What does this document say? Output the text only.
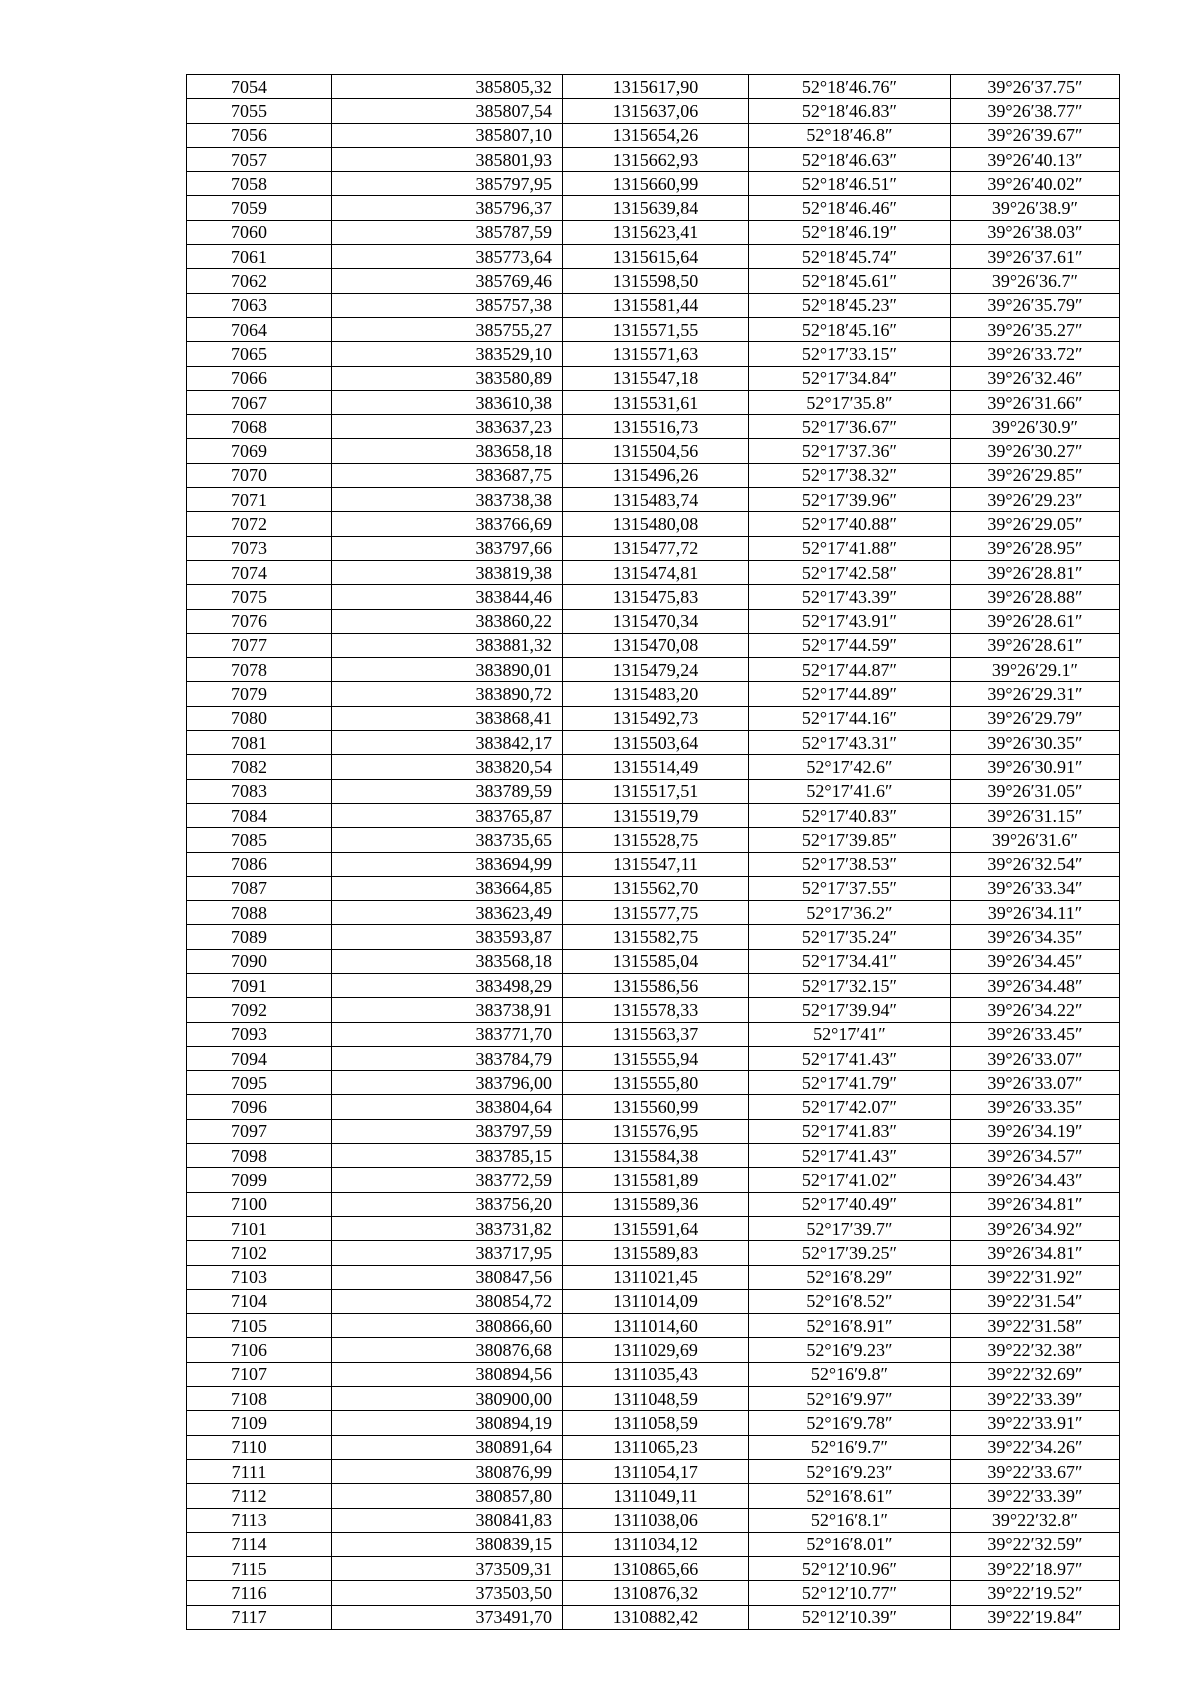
7054	385805,32	1315617,90	52°18′46.76″	39°26′37.75″
7055	385807,54	1315637,06	52°18′46.83″	39°26′38.77″
7056	385807,10	1315654,26	52°18′46.8″	39°26′39.67″
7057	385801,93	1315662,93	52°18′46.63″	39°26′40.13″
7058	385797,95	1315660,99	52°18′46.51″	39°26′40.02″
7059	385796,37	1315639,84	52°18′46.46″	39°26′38.9″
7060	385787,59	1315623,41	52°18′46.19″	39°26′38.03″
7061	385773,64	1315615,64	52°18′45.74″	39°26′37.61″
7062	385769,46	1315598,50	52°18′45.61″	39°26′36.7″
7063	385757,38	1315581,44	52°18′45.23″	39°26′35.79″
7064	385755,27	1315571,55	52°18′45.16″	39°26′35.27″
7065	383529,10	1315571,63	52°17′33.15″	39°26′33.72″
7066	383580,89	1315547,18	52°17′34.84″	39°26′32.46″
7067	383610,38	1315531,61	52°17′35.8″	39°26′31.66″
7068	383637,23	1315516,73	52°17′36.67″	39°26′30.9″
7069	383658,18	1315504,56	52°17′37.36″	39°26′30.27″
7070	383687,75	1315496,26	52°17′38.32″	39°26′29.85″
7071	383738,38	1315483,74	52°17′39.96″	39°26′29.23″
7072	383766,69	1315480,08	52°17′40.88″	39°26′29.05″
7073	383797,66	1315477,72	52°17′41.88″	39°26′28.95″
7074	383819,38	1315474,81	52°17′42.58″	39°26′28.81″
7075	383844,46	1315475,83	52°17′43.39″	39°26′28.88″
7076	383860,22	1315470,34	52°17′43.91″	39°26′28.61″
7077	383881,32	1315470,08	52°17′44.59″	39°26′28.61″
7078	383890,01	1315479,24	52°17′44.87″	39°26′29.1″
7079	383890,72	1315483,20	52°17′44.89″	39°26′29.31″
7080	383868,41	1315492,73	52°17′44.16″	39°26′29.79″
7081	383842,17	1315503,64	52°17′43.31″	39°26′30.35″
7082	383820,54	1315514,49	52°17′42.6″	39°26′30.91″
7083	383789,59	1315517,51	52°17′41.6″	39°26′31.05″
7084	383765,87	1315519,79	52°17′40.83″	39°26′31.15″
7085	383735,65	1315528,75	52°17′39.85″	39°26′31.6″
7086	383694,99	1315547,11	52°17′38.53″	39°26′32.54″
7087	383664,85	1315562,70	52°17′37.55″	39°26′33.34″
7088	383623,49	1315577,75	52°17′36.2″	39°26′34.11″
7089	383593,87	1315582,75	52°17′35.24″	39°26′34.35″
7090	383568,18	1315585,04	52°17′34.41″	39°26′34.45″
7091	383498,29	1315586,56	52°17′32.15″	39°26′34.48″
7092	383738,91	1315578,33	52°17′39.94″	39°26′34.22″
7093	383771,70	1315563,37	52°17′41″	39°26′33.45″
7094	383784,79	1315555,94	52°17′41.43″	39°26′33.07″
7095	383796,00	1315555,80	52°17′41.79″	39°26′33.07″
7096	383804,64	1315560,99	52°17′42.07″	39°26′33.35″
7097	383797,59	1315576,95	52°17′41.83″	39°26′34.19″
7098	383785,15	1315584,38	52°17′41.43″	39°26′34.57″
7099	383772,59	1315581,89	52°17′41.02″	39°26′34.43″
7100	383756,20	1315589,36	52°17′40.49″	39°26′34.81″
7101	383731,82	1315591,64	52°17′39.7″	39°26′34.92″
7102	383717,95	1315589,83	52°17′39.25″	39°26′34.81″
7103	380847,56	1311021,45	52°16′8.29″	39°22′31.92″
7104	380854,72	1311014,09	52°16′8.52″	39°22′31.54″
7105	380866,60	1311014,60	52°16′8.91″	39°22′31.58″
7106	380876,68	1311029,69	52°16′9.23″	39°22′32.38″
7107	380894,56	1311035,43	52°16′9.8″	39°22′32.69″
7108	380900,00	1311048,59	52°16′9.97″	39°22′33.39″
7109	380894,19	1311058,59	52°16′9.78″	39°22′33.91″
7110	380891,64	1311065,23	52°16′9.7″	39°22′34.26″
7111	380876,99	1311054,17	52°16′9.23″	39°22′33.67″
7112	380857,80	1311049,11	52°16′8.61″	39°22′33.39″
7113	380841,83	1311038,06	52°16′8.1″	39°22′32.8″
7114	380839,15	1311034,12	52°16′8.01″	39°22′32.59″
7115	373509,31	1310865,66	52°12′10.96″	39°22′18.97″
7116	373503,50	1310876,32	52°12′10.77″	39°22′19.52″
7117	373491,70	1310882,42	52°12′10.39″	39°22′19.84″
